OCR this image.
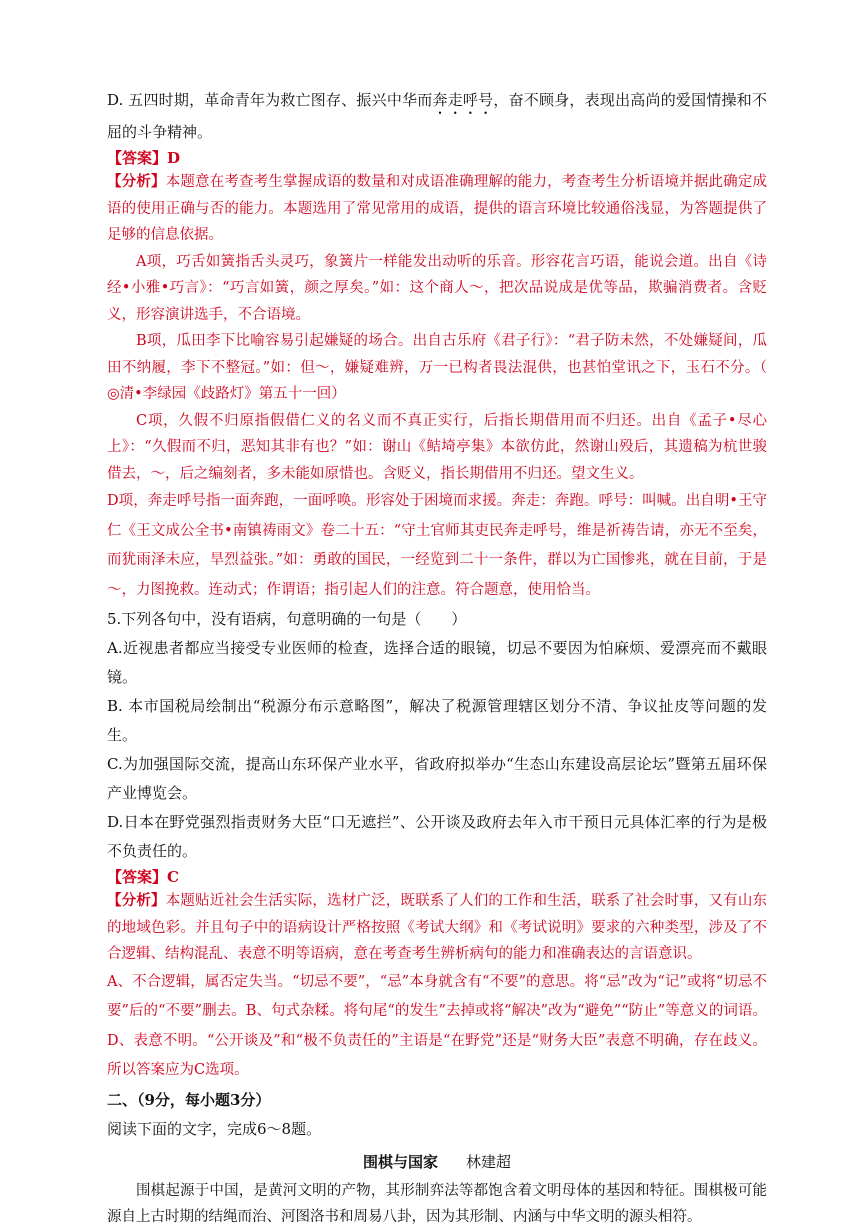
D. 五四时期，革命青年为救亡图存、振兴中华而奔走呼号，奋不顾身，表现出高尚的爱国情操和不屈的斗争精神。

【答案】D

【分析】本题意在考查考生掌握成语的数量和对成语准确理解的能力，考查考生分析语境并据此确定成语的使用正确与否的能力。本题选用了常见常用的成语，提供的语言环境比较通俗浅显，为答题提供了足够的信息依据。

A项，巧舌如簧指舌头灵巧，象簧片一样能发出动听的乐音。形容花言巧语，能说会道。出自《诗经•小雅•巧言》：“巧言如簧，颜之厚矣。”如：这个商人～，把次品说成是优等品，欺骗消费者。含贬义，形容演讲选手，不合语境。

B项，瓜田李下比喻容易引起嫌疑的场合。出自古乐府《君子行》：“君子防未然，不处嫌疑间，瓜田不纳履，李下不整冠。”如：但～，嫌疑难辨，万一已构者畏法混供，也甚怕堂讯之下，玉石不分。（ ◎清•李绿园《歧路灯》第五十一回）

C项，久假不归原指假借仁义的名义而不真正实行，后指长期借用而不归还。出自《孟子•尽心上》：“久假而不归，恶知其非有也？”如：谢山《鲒埼亭集》本欲仿此，然谢山殁后，其遗稿为杭世骏借去，～，后之编刻者，多未能如原惜也。含贬义，指长期借用不归还。望文生义。

D项，奔走呼号指一面奔跑，一面呼唤。形容处于困境而求援。奔走：奔跑。呼号：叫喊。出自明•王守仁《王文成公全书•南镇祷雨文》卷二十五：“守土官师其吏民奔走呼号，维是祈祷告请，亦无不至矣，而犹雨泽未应，旱烈益张。”如：勇敢的国民，一经览到二十一条件，群以为亡国惨兆，就在目前，于是～，力图挽救。连动式；作谓语；指引起人们的注意。符合题意，使用恰当。

5.下列各句中，没有语病，句意明确的一句是（　　）

A.近视患者都应当接受专业医师的检查，选择合适的眼镜，切忌不要因为怕麻烦、爱漂亮而不戴眼镜。

B. 本市国税局绘制出“税源分布示意略图”，解决了税源管理辖区划分不清、争议扯皮等问题的发生。

C.为加强国际交流，提高山东环保产业水平，省政府拟举办“生态山东建设高层论坛”暨第五届环保产业博览会。

D.日本在野党强烈指责财务大臣“口无遮拦”、公开谈及政府去年入市干预日元具体汇率的行为是极不负责任的。

【答案】C

【分析】本题贴近社会生活实际，选材广泛，既联系了人们的工作和生活，联系了社会时事，又有山东的地域色彩。并且句子中的语病设计严格按照《考试大纲》和《考试说明》要求的六种类型，涉及了不合逻辑、结构混乱、表意不明等语病，意在考查考生辨析病句的能力和准确表达的言语意识。

A、不合逻辑，属否定失当。“切忌不要”，“忌”本身就含有“不要”的意思。将“忌”改为“记”或将“切忌不要”后的“不要”删去。B、句式杂糅。将句尾“的发生”去掉或将“解决”改为“避免”“防止”等意义的词语。D、表意不明。“公开谈及”和“极不负责任的”主语是“在野党”还是“财务大臣”表意不明确，存在歧义。所以答案应为C选项。

二、（9分，每小题3分）

阅读下面的文字，完成6～8题。

围棋与国家 林建超

围棋起源于中国，是黄河文明的产物，其形制弈法等都饱含着文明母体的基因和特征。围棋极可能源自上古时期的结绳而治、河图洛书和周易八卦，因为其形制、内涵与中华文明的源头相符。
